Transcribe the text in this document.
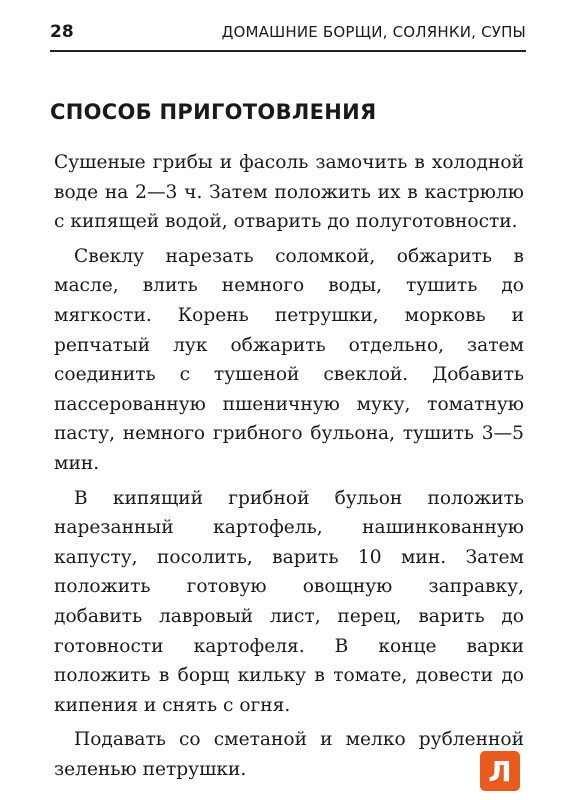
28	ДОМАШНИЕ БОРЩИ, СОЛЯНКИ, СУПЫ
СПОСОБ ПРИГОТОВЛЕНИЯ

Сушеные грибы и фасоль замочить в холодной воде на 2—3 ч. Затем положить их в кастрюлю с кипящей водой, отварить до полуготовности.

Свеклу нарезать соломкой, обжарить в масле, влить немного воды, тушить до мягкости. Корень петрушки, морковь и репчатый лук обжарить отдельно, затем соединить с тушеной свеклой. Добавить пассерованную пшеничную муку, томатную пасту, немного грибного бульона, тушить 3—5 мин.

В кипящий грибной бульон положить нарезанный картофель, нашинкованную капусту, посолить, варить 10 мин. Затем положить готовую овощную заправку, добавить лавровый лист, перец, варить до готовности картофеля. В конце варки положить в борщ кильку в томате, довести до кипения и снять с огня.

Подавать со сметаной и мелко рубленной зеленью петрушки.	Л
